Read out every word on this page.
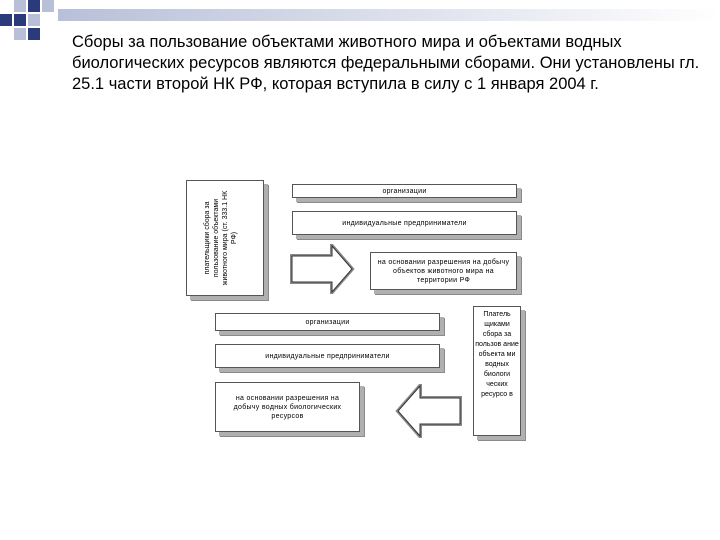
Сборы за пользование объектами животного мира и объектами водных биологических ресурсов являются федеральными сборами. Они установлены гл. 25.1 части второй НК РФ, которая вступила в силу с 1 января 2004 г.

плательщики сбора за пользование объектами животного мира (ст. 333.1 НК РФ)
организации
индивидуальные предприниматели
на основании разрешения на добычу объектов животного мира на территории РФ
Платель щиками сбора за пользов ание объекта ми водных биологи ческих ресурсо в
организации
индивидуальные предприниматели
на основании разрешения на добычу водных биологических ресурсов
